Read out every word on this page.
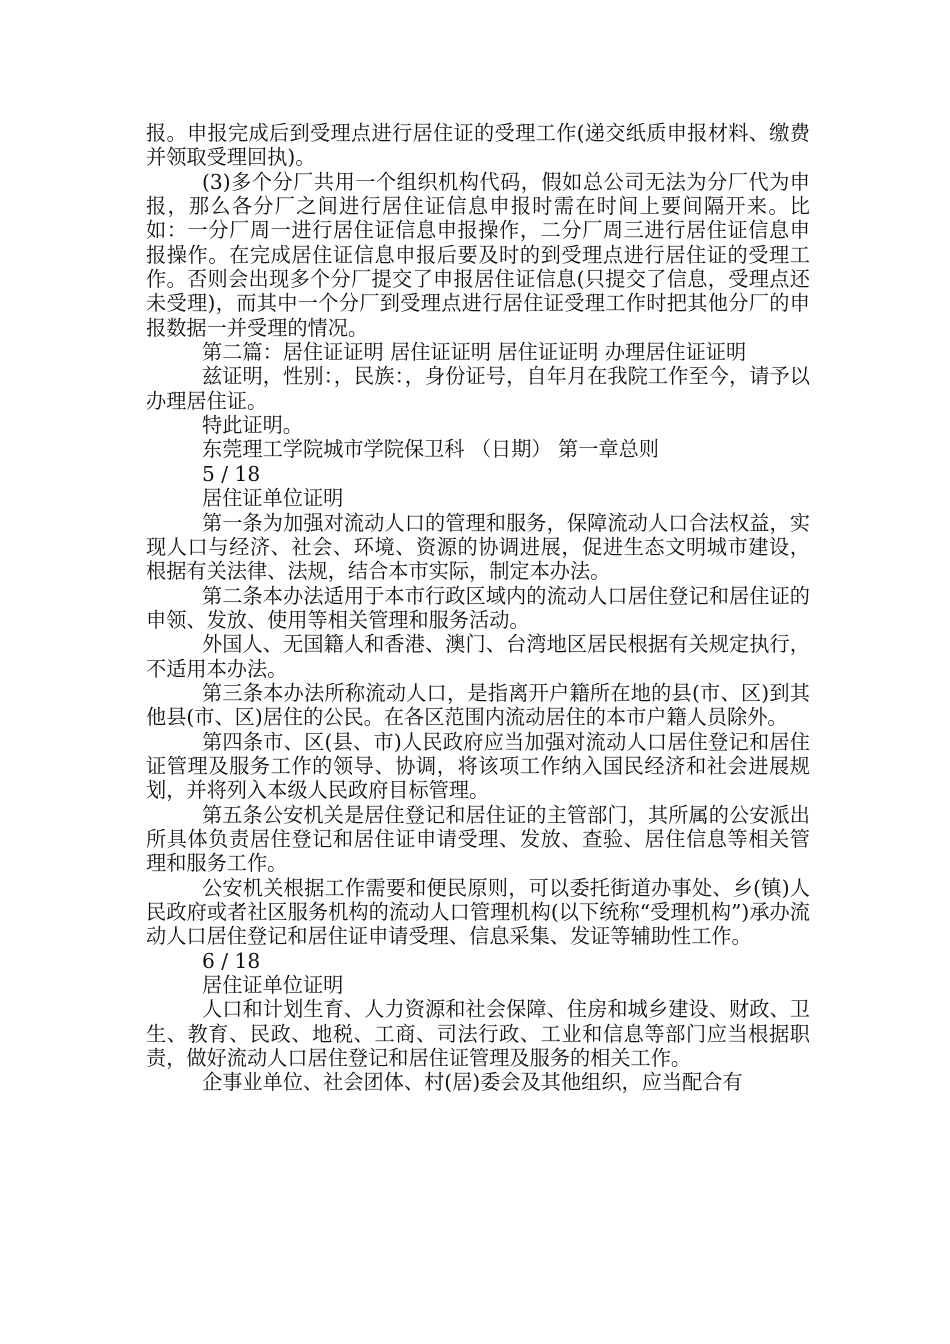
报。申报完成后到受理点进行居住证的受理工作(递交纸质申报材料、缴费并领取受理回执)。

(3)多个分厂共用一个组织机构代码，假如总公司无法为分厂代为申报，那么各分厂之间进行居住证信息申报时需在时间上要间隔开来。比如：一分厂周一进行居住证信息申报操作，二分厂周三进行居住证信息申报操作。在完成居住证信息申报后要及时的到受理点进行居住证的受理工作。否则会出现多个分厂提交了申报居住证信息(只提交了信息，受理点还未受理)，而其中一个分厂到受理点进行居住证受理工作时把其他分厂的申报数据一并受理的情况。

第二篇：居住证证明 居住证证明 居住证证明 办理居住证证明

兹证明，性别：，民族：，身份证号，自年月在我院工作至今，请予以办理居住证。

特此证明。

东莞理工学院城市学院保卫科 （日期） 第一章总则

5 / 18

居住证单位证明

第一条为加强对流动人口的管理和服务，保障流动人口合法权益，实现人口与经济、社会、环境、资源的协调进展，促进生态文明城市建设，根据有关法律、法规，结合本市实际，制定本办法。

第二条本办法适用于本市行政区域内的流动人口居住登记和居住证的申领、发放、使用等相关管理和服务活动。

外国人、无国籍人和香港、澳门、台湾地区居民根据有关规定执行，不适用本办法。

第三条本办法所称流动人口，是指离开户籍所在地的县(市、区)到其他县(市、区)居住的公民。在各区范围内流动居住的本市户籍人员除外。

第四条市、区(县、市)人民政府应当加强对流动人口居住登记和居住证管理及服务工作的领导、协调，将该项工作纳入国民经济和社会进展规划，并将列入本级人民政府目标管理。

第五条公安机关是居住登记和居住证的主管部门，其所属的公安派出所具体负责居住登记和居住证申请受理、发放、查验、居住信息等相关管理和服务工作。

公安机关根据工作需要和便民原则，可以委托街道办事处、乡(镇)人民政府或者社区服务机构的流动人口管理机构(以下统称“受理机构”)承办流动人口居住登记和居住证申请受理、信息采集、发证等辅助性工作。

6 / 18

居住证单位证明

人口和计划生育、人力资源和社会保障、住房和城乡建设、财政、卫生、教育、民政、地税、工商、司法行政、工业和信息等部门应当根据职责，做好流动人口居住登记和居住证管理及服务的相关工作。

企事业单位、社会团体、村(居)委会及其他组织，应当配合有
